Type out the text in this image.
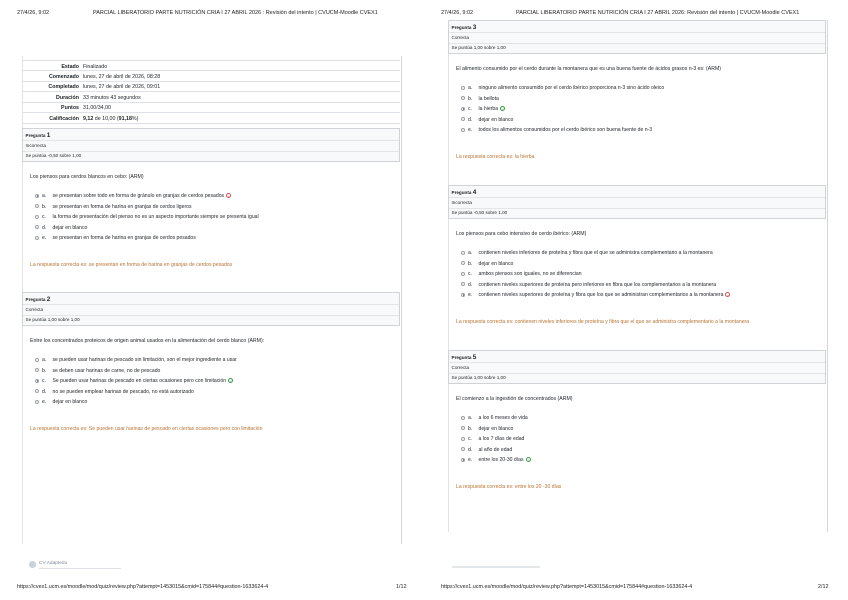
27/4/26, 9:02	PARCIAL LIBERATORIO PARTE NUTRICIÓN CRIA I 27 ABRIL 2026 : Revisión del intento | CVUCM-Moodle CVEX1
Estado Finalizado
Comenzado lunes, 27 de abril de 2026, 08:28
Completado lunes, 27 de abril de 2026, 09:01
Duración 33 minutos 43 segundos
Puntos 31,00/34,00
Calificación 9,12 de 10,00 (91,18%)
Pregunta 1
Incorrecta
Se puntúa -0,50 sobre 1,00
Los piensos para cerdos blancos en cebo: (ARM)
a. se presentan sobre todo en forma de gránulo en granjas de cerdos pesados ×
b. se presentan en forma de harina en granjas de cerdos ligeros
c. la forma de presentación del pienso no es un aspecto importante siempre se presenta igual
d. dejar en blanco
e. se presentan en forma de harina en granjas de cerdos pesados
La respuesta correcta es: se presentan en forma de harina en granjas de cerdos pesados
Pregunta 2
Correcta
Se puntúa 1,00 sobre 1,00
Entre los concentrados proteicos de origen animal usados en la alimentación del cerdo blanco (ARM):
a. se pueden usar harinas de pescado sin limitación, son el mejor ingrediente a usar
b. se deben usar harinas de carne, no de pescado
c. Se pueden usar harinas de pescado en ciertas ocasiones pero con limitación ✓
d. no se pueden emplear harinas de pescado, no está autorizado
e. dejar en blanco
La respuesta correcta es: Se pueden usar harinas de pescado en ciertas ocasiones pero con limitación
CV Adaptedu
https://cvex1.ucm.es/moodle/mod/quiz/review.php?attempt=1453015&cmid=175844#question-1633624-4	1/12
27/4/26, 9:02	PARCIAL LIBERATORIO PARTE NUTRICIÓN CRIA I 27 ABRIL 2026: Revisión del intento | CVUCM-Moodle CVEX1
Pregunta 3
Correcta
Se puntúa 1,00 sobre 1,00
El alimento consumido por el cerdo durante la montanera que es una buena fuente de ácidos grasos n-3 es: (ARM)
a. ninguno alimento consumido por el cerdo ibérico proporciona n-3 sino ácido oleico
b. la bellota
c. la hierba ✓
d. dejar en blanco
e. todos los alimentos consumidos por el cerdo ibérico son buena fuente de n-3
La respuesta correcta es: la hierba
Pregunta 4
Incorrecta
Se puntúa -0,50 sobre 1,00
Los piensos para cebo intensivo de cerdo ibérico: (ARM)
a. contienen niveles inferiores de proteína y fibra que el que se administra complementario a la montanera
b. dejar en blanco
c. ambos piensos son iguales, no se diferencian
d. contienen niveles superiores de proteína pero inferiores en fibra que los complementarios a la montanera
e. contienen niveles superiores de proteína y fibra que los que se administran complementarios a la montanera ×
La respuesta correcta es: contienen niveles inferiores de proteína y fibra que el que se administra complementario a la montanera
Pregunta 5
Correcta
Se puntúa 1,00 sobre 1,00
El comienzo a la ingestión de concentrados (ARM)
a. a los 6 meses de vida
b. dejar en blanco
c. a los 7 días de edad
d. al año de edad
e. entre los 20-30 días ✓
La respuesta correcta es: entre los 20 -30 días
https://cvex1.ucm.es/moodle/mod/quiz/review.php?attempt=1453015&cmid=175844#question-1633624-4	2/12
